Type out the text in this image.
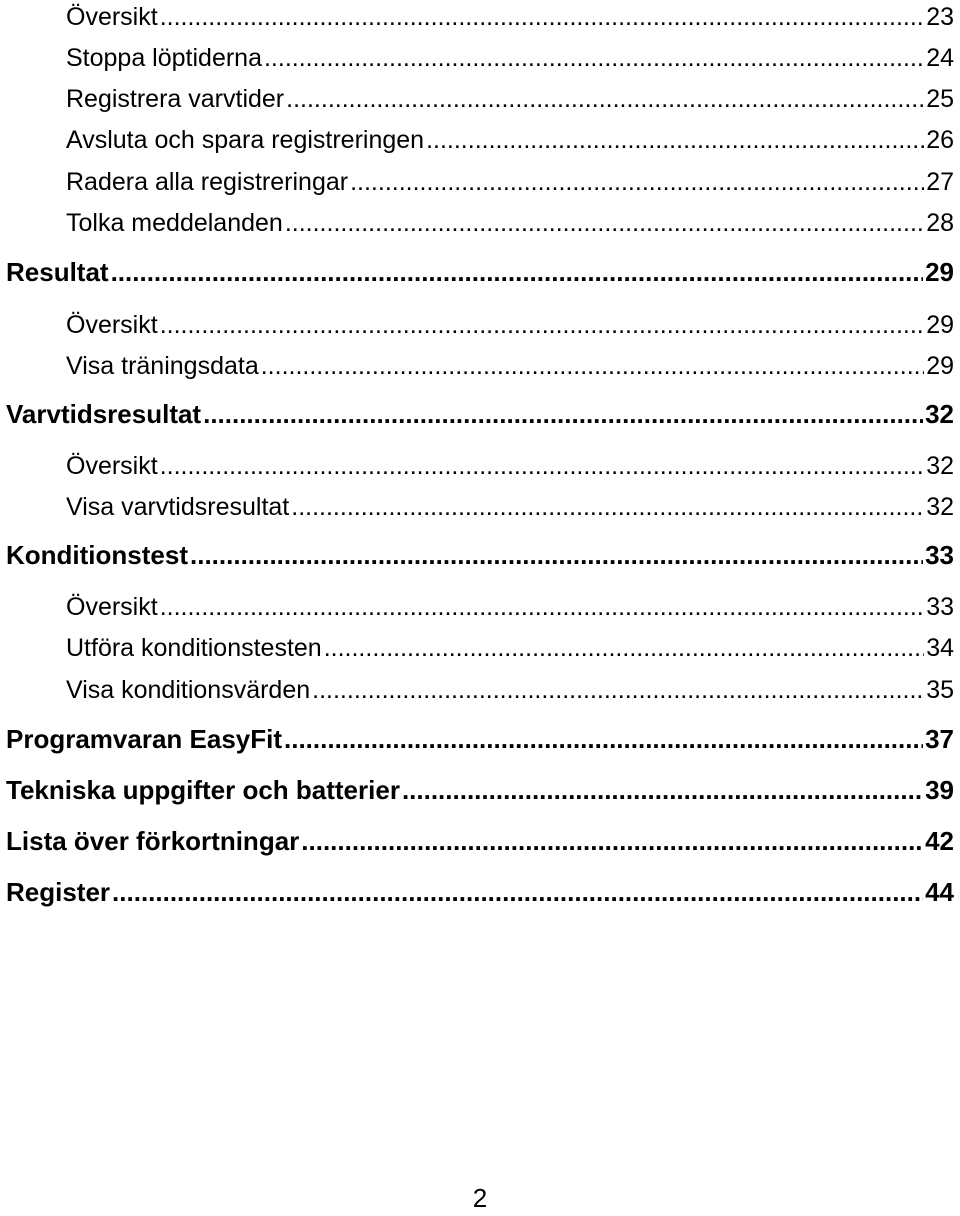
Översikt .....	23
Stoppa löptiderna .....	24
Registrera varvtider .....	25
Avsluta och spara registreringen .....	26
Radera alla registreringar .....	27
Tolka meddelanden .....	28
Resultat .....	29
Översikt .....	29
Visa träningsdata .....	29
Varvtidsresultat .....	32
Översikt .....	32
Visa varvtidsresultat .....	32
Konditionstest .....	33
Översikt .....	33
Utföra konditionstesten .....	34
Visa konditionsvärden .....	35
Programvaran EasyFit .....	37
Tekniska uppgifter och batterier .....	39
Lista över förkortningar .....	42
Register .....	44
2
